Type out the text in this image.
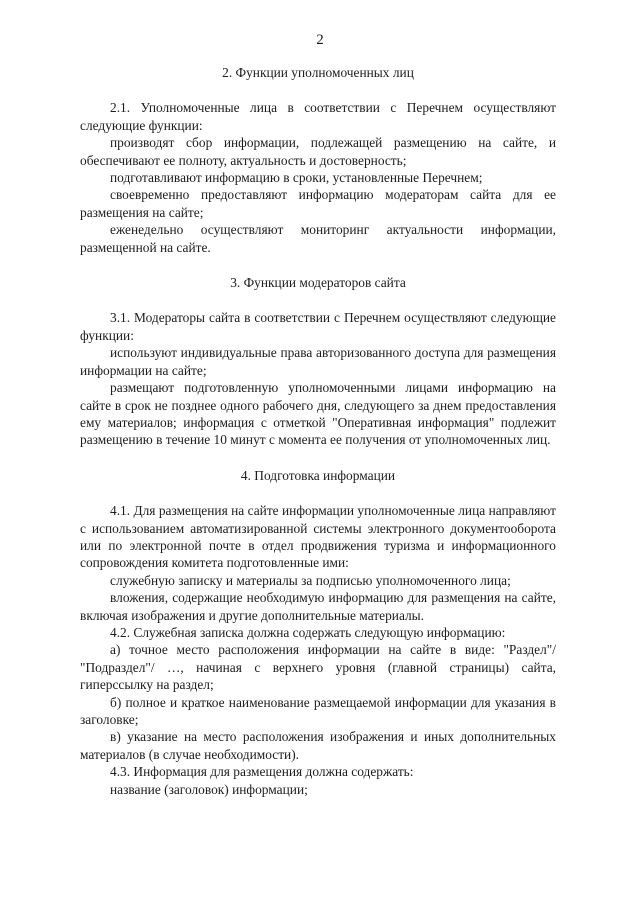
2
2. Функции уполномоченных лиц

2.1. Уполномоченные лица в соответствии с Перечнем осуществляют следующие функции:

производят сбор информации, подлежащей размещению на сайте, и обеспечивают ее полноту, актуальность и достоверность;

подготавливают информацию в сроки, установленные Перечнем;

своевременно предоставляют информацию модераторам сайта для ее размещения на сайте;

еженедельно осуществляют мониторинг актуальности информации, размещенной на сайте.

3. Функции модераторов сайта

3.1. Модераторы сайта в соответствии с Перечнем осуществляют следующие функции:

используют индивидуальные права авторизованного доступа для размещения информации на сайте;

размещают подготовленную уполномоченными лицами информацию на сайте в срок не позднее одного рабочего дня, следующего за днем предоставления ему материалов; информация с отметкой "Оперативная информация" подлежит размещению в течение 10 минут с момента ее получения от уполномоченных лиц.

4. Подготовка информации

4.1. Для размещения на сайте информации уполномоченные лица направляют с использованием автоматизированной системы электронного документооборота или по электронной почте в отдел продвижения туризма и информационного сопровождения комитета подготовленные ими:

служебную записку и материалы за подписью уполномоченного лица;

вложения, содержащие необходимую информацию для размещения на сайте, включая изображения и другие дополнительные материалы.

4.2. Служебная записка должна содержать следующую информацию:

а) точное место расположения информации на сайте в виде: "Раздел"/ "Подраздел"/ …, начиная с верхнего уровня (главной страницы) сайта, гиперссылку на раздел;

б) полное и краткое наименование размещаемой информации для указания в заголовке;

в) указание на место расположения изображения и иных дополнительных материалов (в случае необходимости).

4.3. Информация для размещения должна содержать:

название (заголовок) информации;
